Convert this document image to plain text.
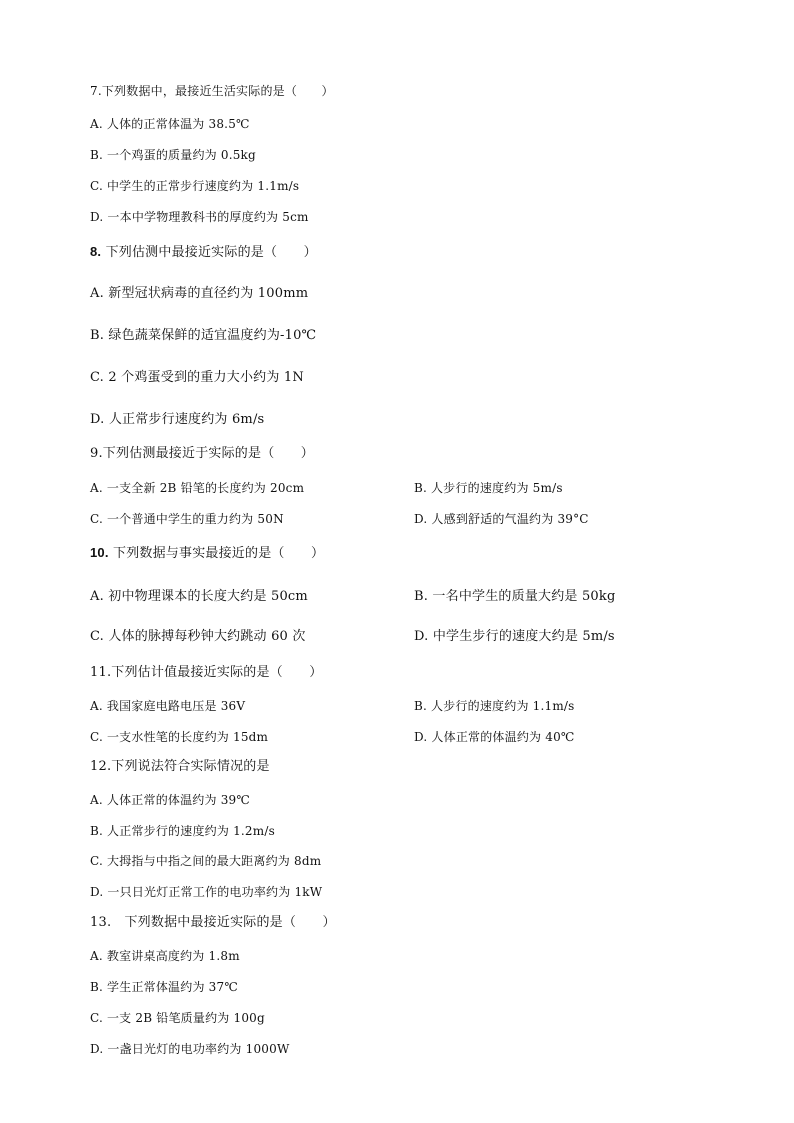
7.下列数据中，最接近生活实际的是（　　）
A. 人体的正常体温为 38.5℃
B. 一个鸡蛋的质量约为 0.5kg
C. 中学生的正常步行速度约为 1.1m/s
D. 一本中学物理教科书的厚度约为 5cm
8. 下列估测中最接近实际的是（　　）
A. 新型冠状病毒的直径约为 100mm
B. 绿色蔬菜保鲜的适宜温度约为-10℃
C. 2 个鸡蛋受到的重力大小约为 1N
D. 人正常步行速度约为 6m/s
9.下列估测最接近于实际的是（　　）
A. 一支全新 2B 铅笔的长度约为 20cm	B. 人步行的速度约为 5m/s
C. 一个普通中学生的重力约为 50N	D. 人感到舒适的气温约为 39°C
10. 下列数据与事实最接近的是（　　）
A. 初中物理课本的长度大约是 50cm	B. 一名中学生的质量大约是 50kg
C. 人体的脉搏每秒钟大约跳动 60 次	D. 中学生步行的速度大约是 5m/s
11.下列估计值最接近实际的是（　　）
A. 我国家庭电路电压是 36V	B. 人步行的速度约为 1.1m/s
C. 一支水性笔的长度约为 15dm	D. 人体正常的体温约为 40℃
12.下列说法符合实际情况的是
A. 人体正常的体温约为 39℃
B. 人正常步行的速度约为 1.2m/s
C. 大拇指与中指之间的最大距离约为 8dm
D. 一只日光灯正常工作的电功率约为 1kW
13.　下列数据中最接近实际的是（　　）
A. 教室讲桌高度约为 1.8m
B. 学生正常体温约为 37℃
C. 一支 2B 铅笔质量约为 100g
D. 一盏日光灯的电功率约为 1000W
